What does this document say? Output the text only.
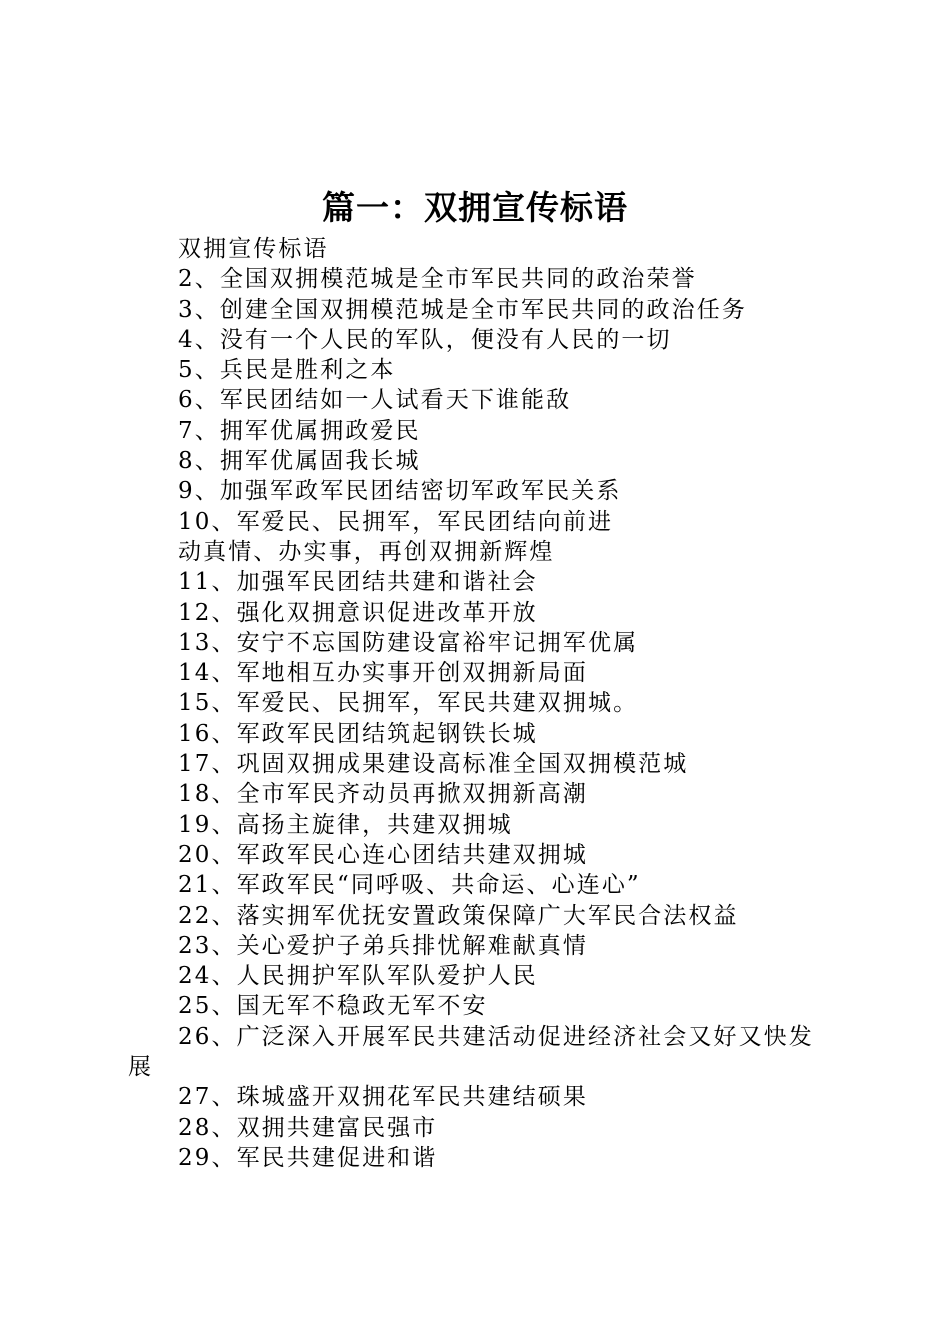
篇一：双拥宣传标语
双拥宣传标语
2、全国双拥模范城是全市军民共同的政治荣誉
3、创建全国双拥模范城是全市军民共同的政治任务
4、没有一个人民的军队，便没有人民的一切
5、兵民是胜利之本
6、军民团结如一人试看天下谁能敌
7、拥军优属拥政爱民
8、拥军优属固我长城
9、加强军政军民团结密切军政军民关系
10、军爱民、民拥军，军民团结向前进
动真情、办实事，再创双拥新辉煌
11、加强军民团结共建和谐社会
12、强化双拥意识促进改革开放
13、安宁不忘国防建设富裕牢记拥军优属
14、军地相互办实事开创双拥新局面
15、军爱民、民拥军，军民共建双拥城。
16、军政军民团结筑起钢铁长城
17、巩固双拥成果建设高标准全国双拥模范城
18、全市军民齐动员再掀双拥新高潮
19、高扬主旋律，共建双拥城
20、军政军民心连心团结共建双拥城
21、军政军民“同呼吸、共命运、心连心”
22、落实拥军优抚安置政策保障广大军民合法权益
23、关心爱护子弟兵排忧解难献真情
24、人民拥护军队军队爱护人民
25、国无军不稳政无军不安
26、广泛深入开展军民共建活动促进经济社会又好又快发展
27、珠城盛开双拥花军民共建结硕果
28、双拥共建富民强市
29、军民共建促进和谐
